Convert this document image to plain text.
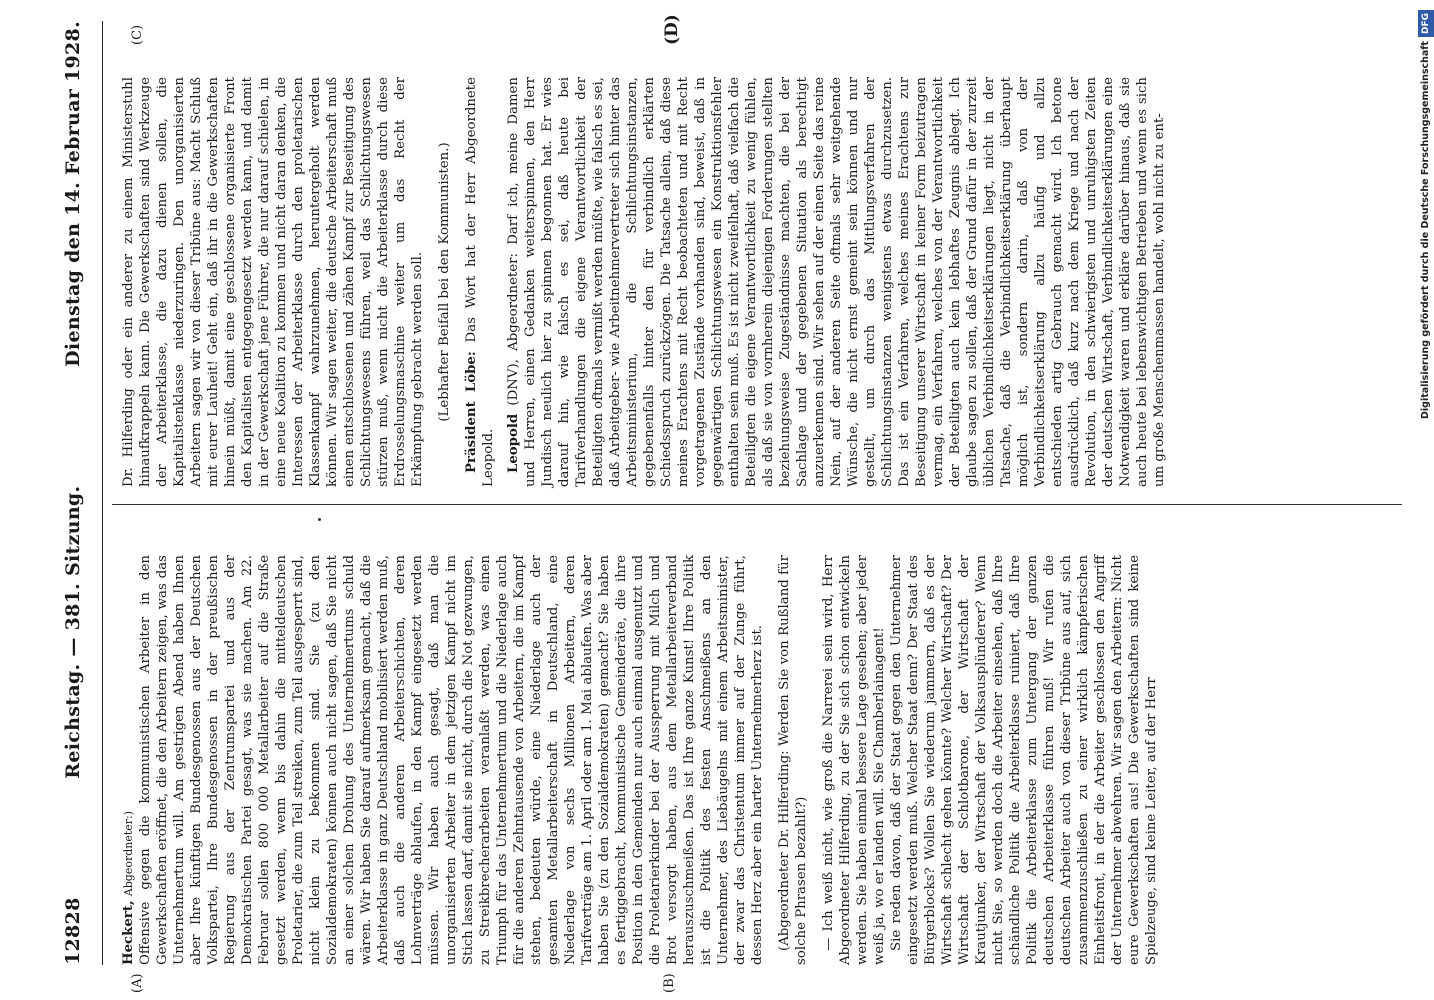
12828
Reichstag. — 381. Sitzung.
Dienstag den 14. Februar 1928.
(A)	(B)
(C)	(D)

Heckert, Abgeordneter:) Offensive gegen die kommunistischen Arbeiter in den Gewerkschaften eröffnet, die den Arbeitern zeigen, was das Unternehmertum will. Am gestrigen Abend haben Ihnen aber Ihre künftigen Bundesgenossen aus der Deutschen Volkspartei, Ihre Bundesgenossen in der preußischen Regierung aus der Zentrumspartei und aus der Demokratischen Partei gesagt, was sie machen. Am 22. Februar sollen 800 000 Metallarbeiter auf die Straße gesetzt werden, wenn bis dahin die mitteldeutschen Proletarier, die zum Teil streiken, zum Teil ausgesperrt sind, nicht klein zu bekommen sind. Sie (zu den Sozialdemokraten) können auch nicht sagen, daß Sie nicht an einer solchen Drohung des Unternehmertums schuld wären. Wir haben Sie darauf aufmerksam gemacht, daß die Arbeiterklasse in ganz Deutschland mobilisiert werden muß, daß auch die anderen Arbeiterschichten, deren Lohnverträge ablaufen, in den Kampf eingesetzt werden müssen. Wir haben auch gesagt, daß man die unorganisierten Arbeiter in dem jetzigen Kampf nicht im Stich lassen darf, damit sie nicht, durch die Not gezwungen, zu Streikbrecherarbeiten veranlaßt werden, was einen Triumph für das Unternehmertum und die Niederlage auch für die anderen Zehntausende von Arbeitern, die im Kampf stehen, bedeuten würde, eine Niederlage auch der gesamten Metallarbeiterschaft in Deutschland, eine Niederlage von sechs Millionen Arbeitern, deren Tarifverträge am 1. April oder am 1. Mai ablaufen. Was aber haben Sie (zu den Sozialdemokraten) gemacht? Sie haben es fertiggebracht, kommunistische Gemeinderäte, die ihre Position in den Gemeinden nur auch einmal ausgenutzt und die Proletarierkinder bei der Aussperrung mit Milch und Brot versorgt haben, aus dem Metallarbeiterverband herauszuschmeißen. Das ist Ihre ganze Kunst! Ihre Politik ist die Politik des festen Anschmeißens an den Unternehmer, des Liebäugelns mit einem Arbeitsminister, der zwar das Christentum immer auf der Zunge führt, dessen Herz aber ein harter Unternehmerherz ist. (Abgeordneter Dr. Hilferding: Werden Sie von Rußland für solche Phrasen bezahlt?) — Ich weiß nicht, wie groß die Narrerei sein wird, Herr Abgeordneter Hilferding, zu der Sie sich schon entwickeln werden. Sie haben einmal bessere Lage gesehen; aber jeder weiß ja, wo er landen will. Sie Chamberlainagent! Sie reden davon, daß der Staat gegen den Unternehmer eingesetzt werden muß. Welcher Staat denn? Der Staat des Bürgerblocks? Wollen Sie wiederum jammern, daß es der Wirtschaft schlecht gehen könnte? Welcher Wirtschaft? Der Wirtschaft der Schlotbarone, der Wirtschaft der Krautjunker, der Wirtschaft der Volksausplünderer? Wenn nicht Sie, so werden doch die Arbeiter einsehen, daß Ihre schändliche Politik die Arbeiterklasse ruiniert, daß Ihre Politik die Arbeiterklasse zum Untergang der ganzen deutschen Arbeiterklasse führen muß! Wir rufen die deutschen Arbeiter auch von dieser Tribüne aus auf, sich zusammenzuschließen zu einer wirklich kämpferischen Einheitsfront, in der die Arbeiter geschlossen den Angriff der Unternehmer abwehren. Wir sagen den Arbeitern: Nicht eure Gewerkschaften aus! Die Gewerkschaften sind keine Spielzeuge, sind keine Leiter, auf der Herr

Dr. Hilferding oder ein anderer zu einem Ministerstuhl hinaufkrappeln kann. Die Gewerkschaften sind Werkzeuge der Arbeiterklasse, die dazu dienen sollen, die Kapitalistenklasse niederzuringen. Den unorganisierten Arbeitern sagen wir von dieser Tribüne aus: Macht Schluß mit eurer Lauheit! Geht ein, daß ihr in die Gewerkschaften hinein müßt, damit eine geschlossene organisierte Front den Kapitalisten entgegengesetzt werden kann, und damit in der Gewerkschaft jene Führer, die nur darauf schielen, in eine neue Koalition zu kommen und nicht daran denken, die Interessen der Arbeiterklasse durch den proletarischen Klassenkampf wahrzunehmen, heruntergeholt werden können. Wir sagen weiter, die deutsche Arbeiterschaft muß einen entschlossenen und zähen Kampf zur Beseitigung des Schlichtungswesens führen, weil das Schlichtungswesen stürzen muß, wenn nicht die Arbeiterklasse durch diese Erdrosselungsmaschine weiter um das Recht der Erkämpfung gebracht werden soll. (Lebhafter Beifall bei den Kommunisten.) Präsident Löbe: Das Wort hat der Herr Abgeordnete Leopold. Leopold (DNV), Abgeordneter: Darf ich, meine Damen und Herren, einen Gedanken weiterspinnen, den Herr Jundisch neulich hier zu spinnen begonnen hat. Er wies darauf hin, wie falsch es sei, daß heute bei Tarifverhandlungen die eigene Verantwortlichkeit der Beteiligten oftmals vermißt werden müßte, wie falsch es sei, daß Arbeitgeber- wie Arbeitnehmervertreter sich hinter das Arbeitsministerium, die Schlichtungsinstanzen, gegebenenfalls hinter den für verbindlich erklärten Schiedsspruch zurückzögen. Die Tatsache allein, daß diese meines Erachtens mit Recht beobachteten und mit Recht vorgetragenen Zustände vorhanden sind, beweist, daß in gegenwärtigen Schlichtungswesen ein Konstruktionsfehler enthalten sein muß. Es ist nicht zweifelhaft, daß vielfach die Beteiligten die eigene Verantwortlichkeit zu wenig fühlen, als daß sie von vornherein diejenigen Forderungen stellten beziehungsweise Zugeständnisse machten, die bei der Sachlage und der gegebenen Situation als berechtigt anzuerkennen sind. Wir sehen auf der einen Seite das reine Nein, auf der anderen Seite oftmals sehr weitgehende Wünsche, die nicht ernst gemeint sein können und nur gestellt, um durch das Mittlungsverfahren der Schlichtungsinstanzen wenigstens etwas durchzusetzen. Das ist ein Verfahren, welches meines Erachtens zur Beseitigung unserer Wirtschaft in keiner Form beizutragen vermag, ein Verfahren, welches von der Verantwortlichkeit der Beteiligten auch kein lebhaftes Zeugnis ablegt. Ich glaube sagen zu sollen, daß der Grund dafür in der zurzeit üblichen Verbindlichkeitserklärungen liegt, nicht in der Tatsache, daß die Verbindlichkeitserklärung überhaupt möglich ist, sondern darin, daß von der Verbindlichkeitserklärung allzu häufig und allzu entschieden artig Gebrauch gemacht wird. Ich betone ausdrücklich, daß kurz nach dem Kriege und nach der Revolution, in den schwierigsten und unruhigsten Zeiten der deutschen Wirtschaft, Verbindlichkeitserklärungen eine Notwendigkeit waren und erkläre darüber hinaus, daß sie auch heute bei lebenswichtigen Betrieben und wenn es sich um große Menschenmassen handelt, wohl nicht zu ent-	Digitalisierung gefördert durch die Deutsche ForschungsgemeinschaftDFG
